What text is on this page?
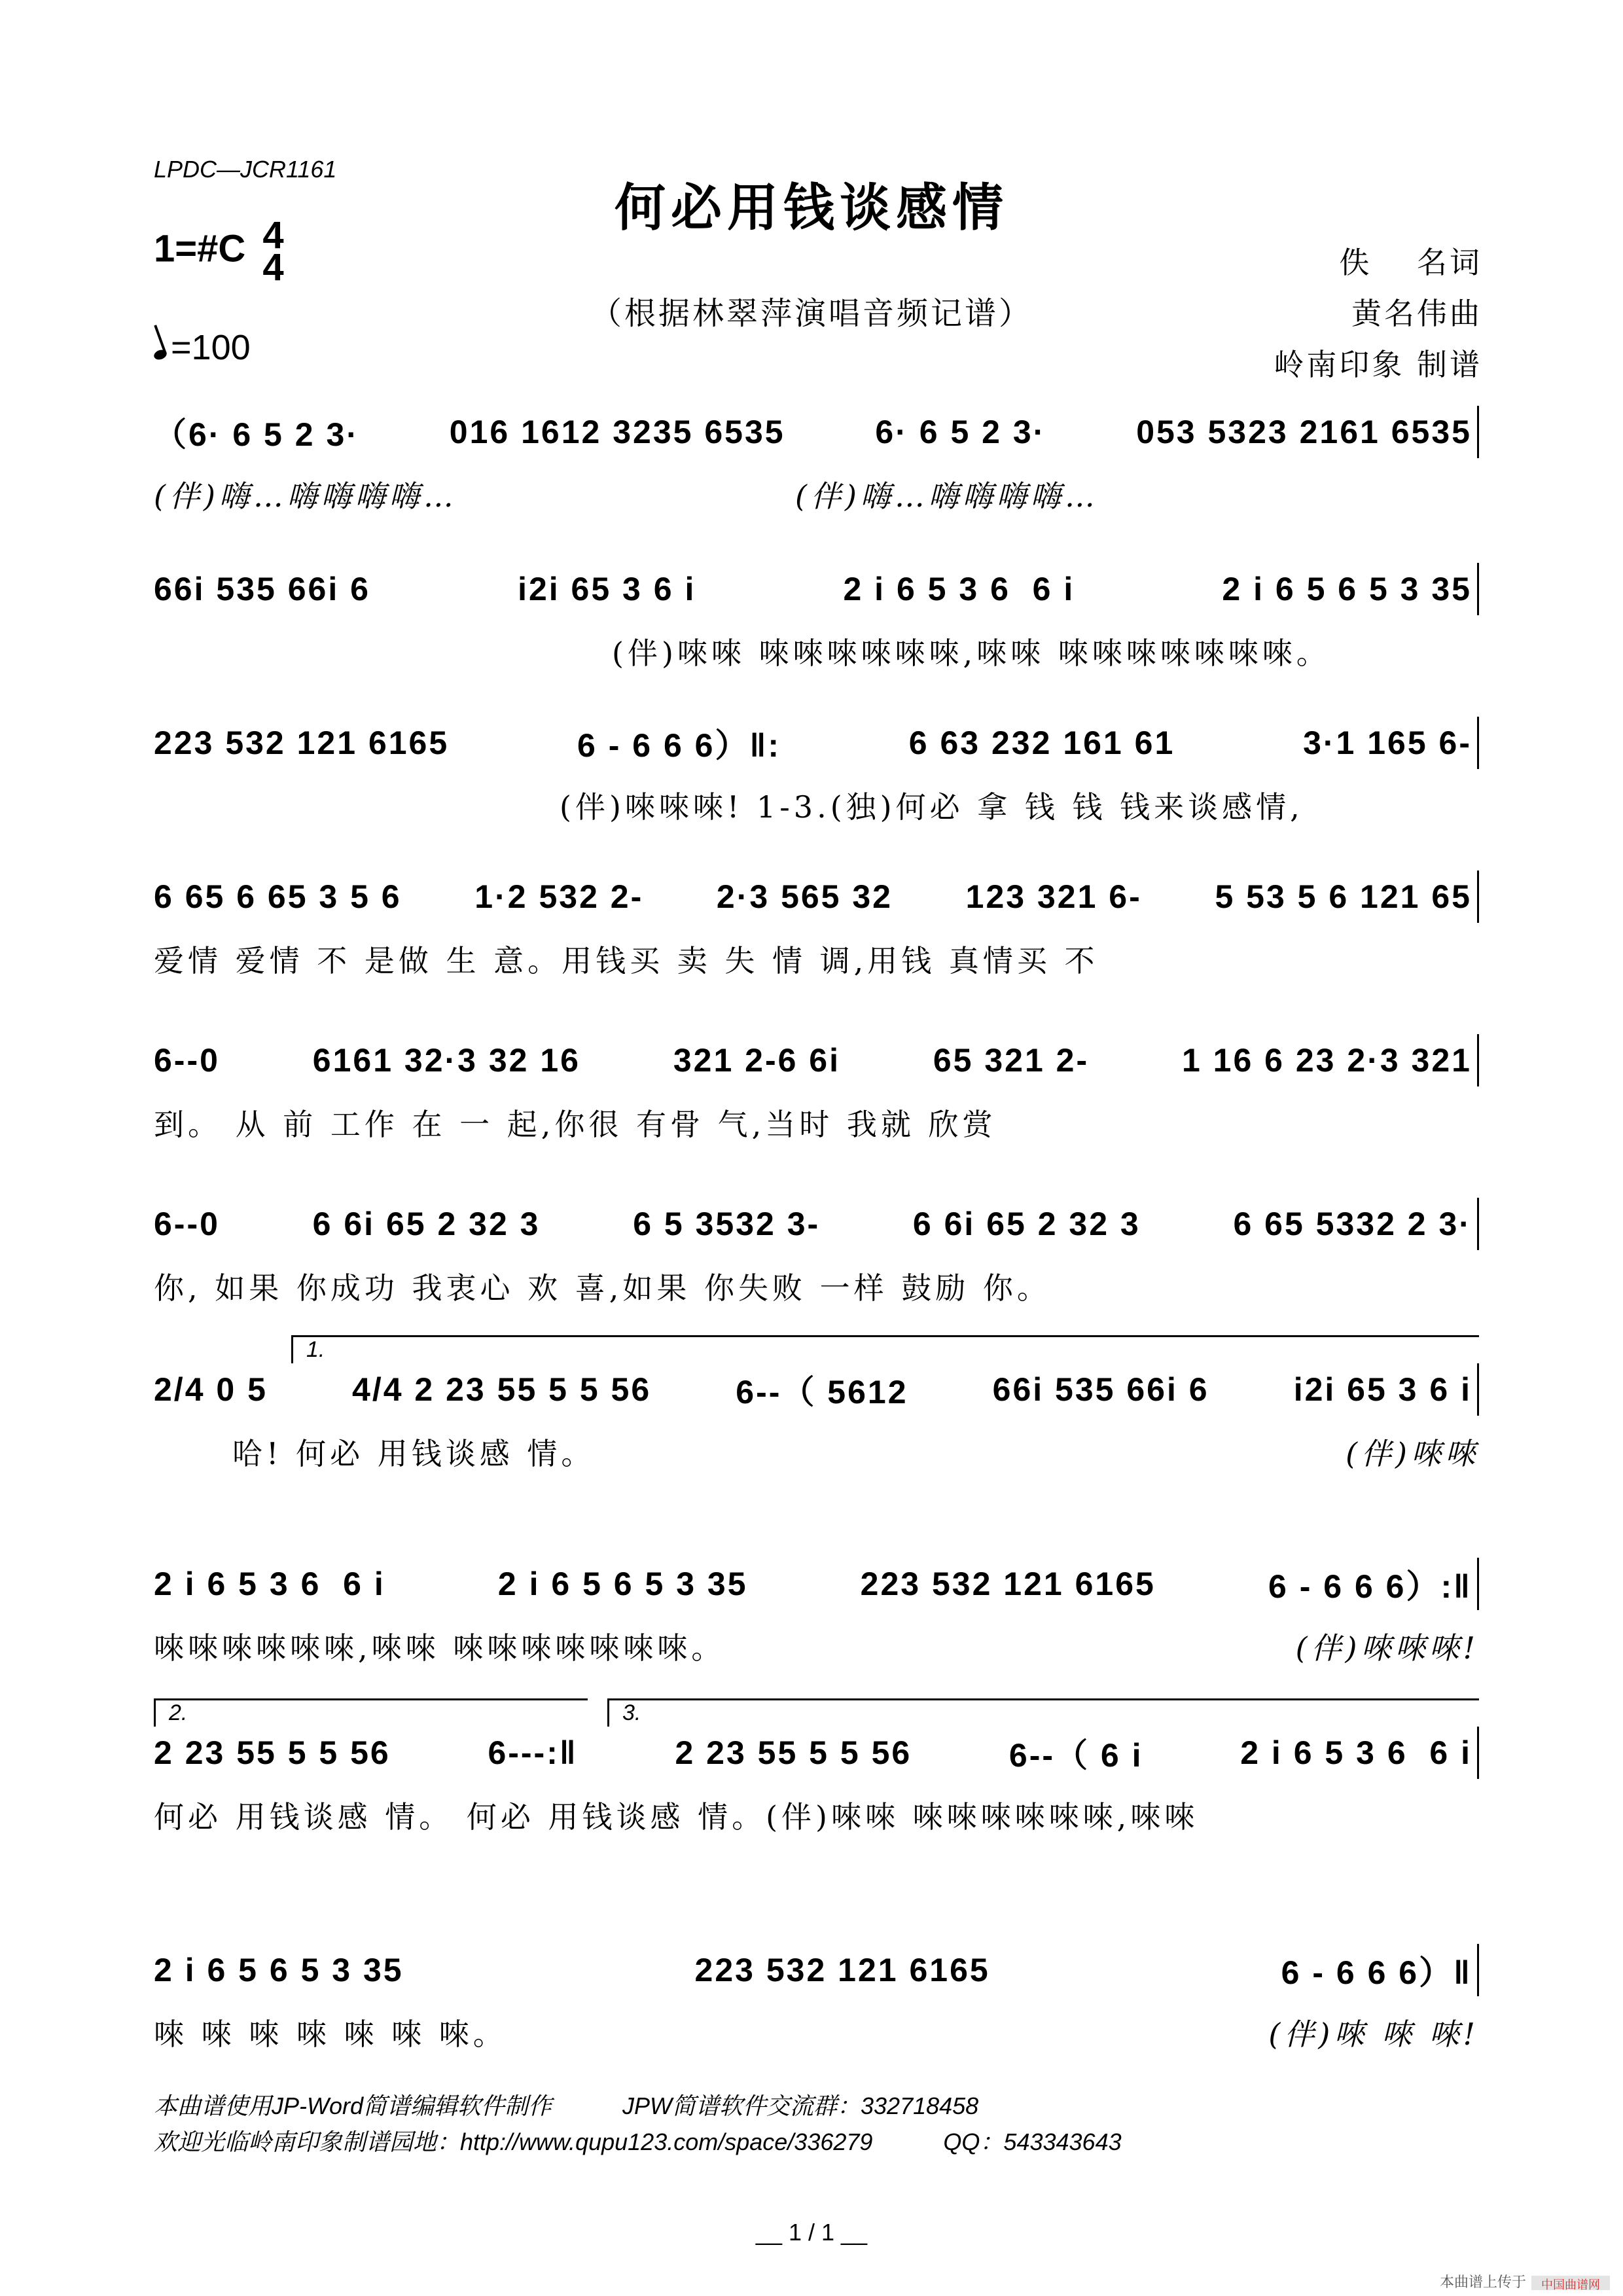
LPDC—JCR1161
何必用钱谈感情
（根据林翠萍演唱音频记谱）
1=#C 4
4
=100
佚　 名词
黄名伟曲
岭南印象 制谱
（6· 6 5 2 3·	016 1612 3235 6535	6· 6 5 2 3·	053 5323 2161 6535
(伴)嗨…嗨嗨嗨嗨…	(伴)嗨…嗨嗨嗨嗨…
66i 535 66i 6	i2i 65 3 6 i	2 i 6 5 3 6  6 i	2 i 6 5 6 5 3 35
(伴)唻唻 唻唻唻唻唻唻,唻唻 唻唻唻唻唻唻唻。
223 532 121 6165	6 - 6 6 6）‖:	6 63 232 161 61	3·1 165 6-
(伴)唻唻唻! 1-3.(独)何必 拿 钱 钱 钱来谈感情,
6 65 6 65 3 5 6 1·2 532 2- 2·3 565 32 123 321 6- 5 53 5 6 121 65
爱情 爱情 不 是做 生 意。用钱买 卖 失 情 调,用钱 真情买 不
6--0	6161 32·3 32 16	321 2-6 6i	65 321 2-	1 16 6 23 2·3 321
到。 从 前 工作 在 一 起,你很 有骨 气,当时 我就 欣赏
6--0	6 6i 65 2 32 3	6 5 3532 3-	6 6i 65 2 32 3	6 65 5332 2 3·
你, 如果 你成功 我衷心 欢 喜,如果 你失败 一样 鼓励 你。
1.
2/4 0 5	4/4 2 23 55 5 5 56	6--（ 5612	66i 535 66i 6	i2i 65 3 6 i
哈! 何必 用钱谈感 情。	(伴)唻唻
2 i 6 5 3 6  6 i	2 i 6 5 6 5 3 35	223 532 121 6165	6 - 6 6 6）:‖
唻唻唻唻唻唻,唻唻 唻唻唻唻唻唻唻。	(伴)唻唻唻!
2.	3.
2 23 55 5 5 56	6---:‖	2 23 55 5 5 56	6--（ 6 i	2 i 6 5 3 6  6 i
何必 用钱谈感 情。 何必 用钱谈感 情。(伴)唻唻 唻唻唻唻唻唻,唻唻
2 i 6 5 6 5 3 35	223 532 121 6165	6 - 6 6 6）‖
唻 唻 唻 唻 唻 唻 唻。	(伴)唻 唻 唻!
本曲谱使用JP-Word简谱编辑软件制作　　　JPW简谱软件交流群：332718458
欢迎光临岭南印象制谱园地：http://www.qupu123.com/space/336279　　　QQ：543343643
__ 1 / 1 __
本曲谱上传于 中国曲谱网
